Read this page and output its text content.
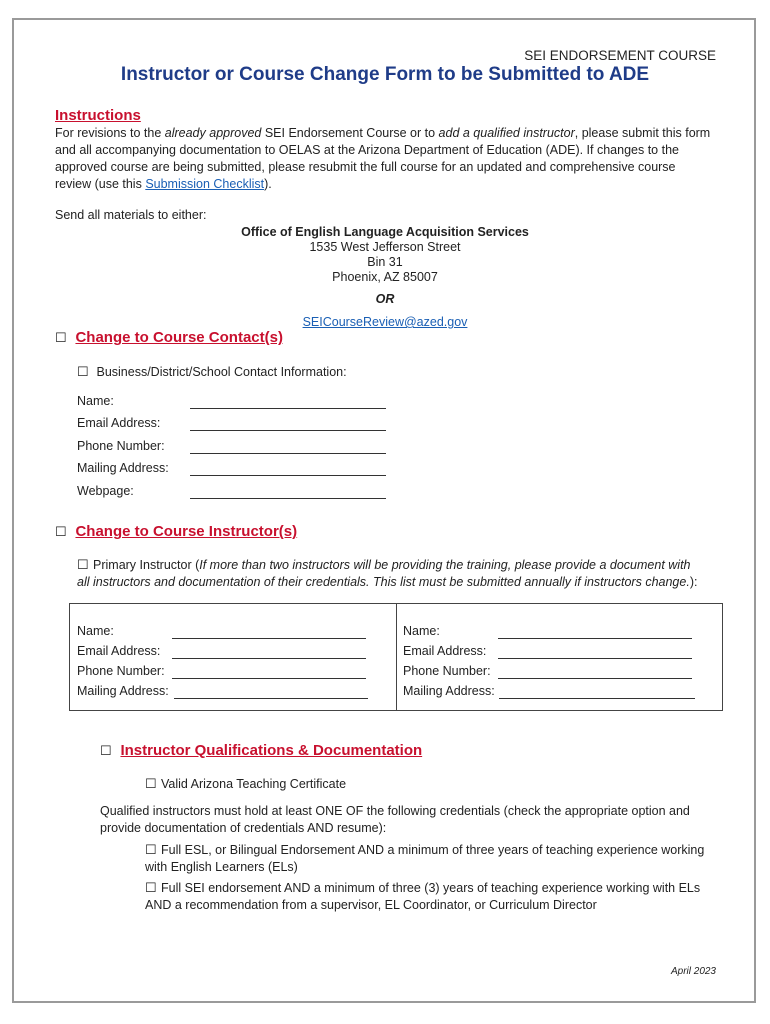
SEI ENDORSEMENT COURSE
Instructor or Course Change Form to be Submitted to ADE
Instructions
For revisions to the already approved SEI Endorsement Course or to add a qualified instructor, please submit this form
and all accompanying documentation to OELAS at the Arizona Department of Education (ADE). If changes to the
approved course are being submitted, please resubmit the full course for an updated and comprehensive course
review (use this Submission Checklist).
Send all materials to either:
Office of English Language Acquisition Services
1535 West Jefferson Street
Bin 31
Phoenix, AZ 85007
OR
SEICourseReview@azed.gov
☐ Change to Course Contact(s)
☐ Business/District/School Contact Information:
Name:
Email Address:
Phone Number:
Mailing Address:
Webpage:
☐ Change to Course Instructor(s)
☐ Primary Instructor (If more than two instructors will be providing the training, please provide a document with
all instructors and documentation of their credentials. This list must be submitted annually if instructors change.):
Name:
Email Address:
Phone Number:
Mailing Address:
Name:
Email Address:
Phone Number:
Mailing Address:
☐ Instructor Qualifications & Documentation
☐ Valid Arizona Teaching Certificate
Qualified instructors must hold at least ONE OF the following credentials (check the appropriate option and
provide documentation of credentials AND resume):
☐ Full ESL, or Bilingual Endorsement AND a minimum of three years of teaching experience working
with English Learners (ELs)
☐ Full SEI endorsement AND a minimum of three (3) years of teaching experience working with ELs
AND a recommendation from a supervisor, EL Coordinator, or Curriculum Director
April 2023
